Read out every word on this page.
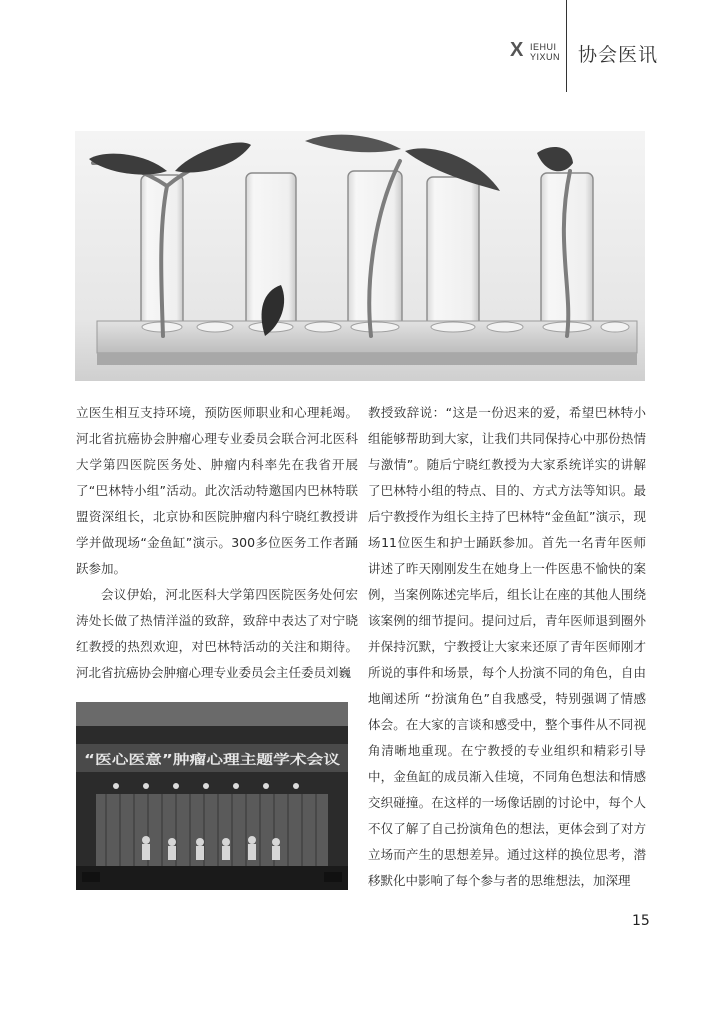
X IEHUI
YIXUN 协会医讯

立医生相互支持环境，预防医师职业和心理耗竭。河北省抗癌协会肿瘤心理专业委员会联合河北医科大学第四医院医务处、肿瘤内科率先在我省开展了“巴林特小组”活动。此次活动特邀国内巴林特联盟资深组长，北京协和医院肿瘤内科宁晓红教授讲学并做现场“金鱼缸”演示。300多位医务工作者踊跃参加。

会议伊始，河北医科大学第四医院医务处何宏涛处长做了热情洋溢的致辞，致辞中表达了对宁晓红教授的热烈欢迎，对巴林特活动的关注和期待。河北省抗癌协会肿瘤心理专业委员会主任委员刘巍

“医心医意”肿瘤心理主题学术会议

教授致辞说：“这是一份迟来的爱，希望巴林特小组能够帮助到大家，让我们共同保持心中那份热情与激情”。随后宁晓红教授为大家系统详实的讲解了巴林特小组的特点、目的、方式方法等知识。最后宁教授作为组长主持了巴林特“金鱼缸”演示，现场11位医生和护士踊跃参加。首先一名青年医师讲述了昨天刚刚发生在她身上一件医患不愉快的案例，当案例陈述完毕后，组长让在座的其他人围绕该案例的细节提问。提问过后，青年医师退到圈外并保持沉默，宁教授让大家来还原了青年医师刚才所说的事件和场景，每个人扮演不同的角色，自由地阐述所 “扮演角色”自我感受，特别强调了情感体会。在大家的言谈和感受中，整个事件从不同视角清晰地重现。在宁教授的专业组织和精彩引导中，金鱼缸的成员渐入佳境，不同角色想法和情感交织碰撞。在这样的一场像话剧的讨论中，每个人不仅了解了自己扮演角色的想法，更体会到了对方立场而产生的思想差异。通过这样的换位思考，潜移默化中影响了每个参与者的思维想法，加深理

15
